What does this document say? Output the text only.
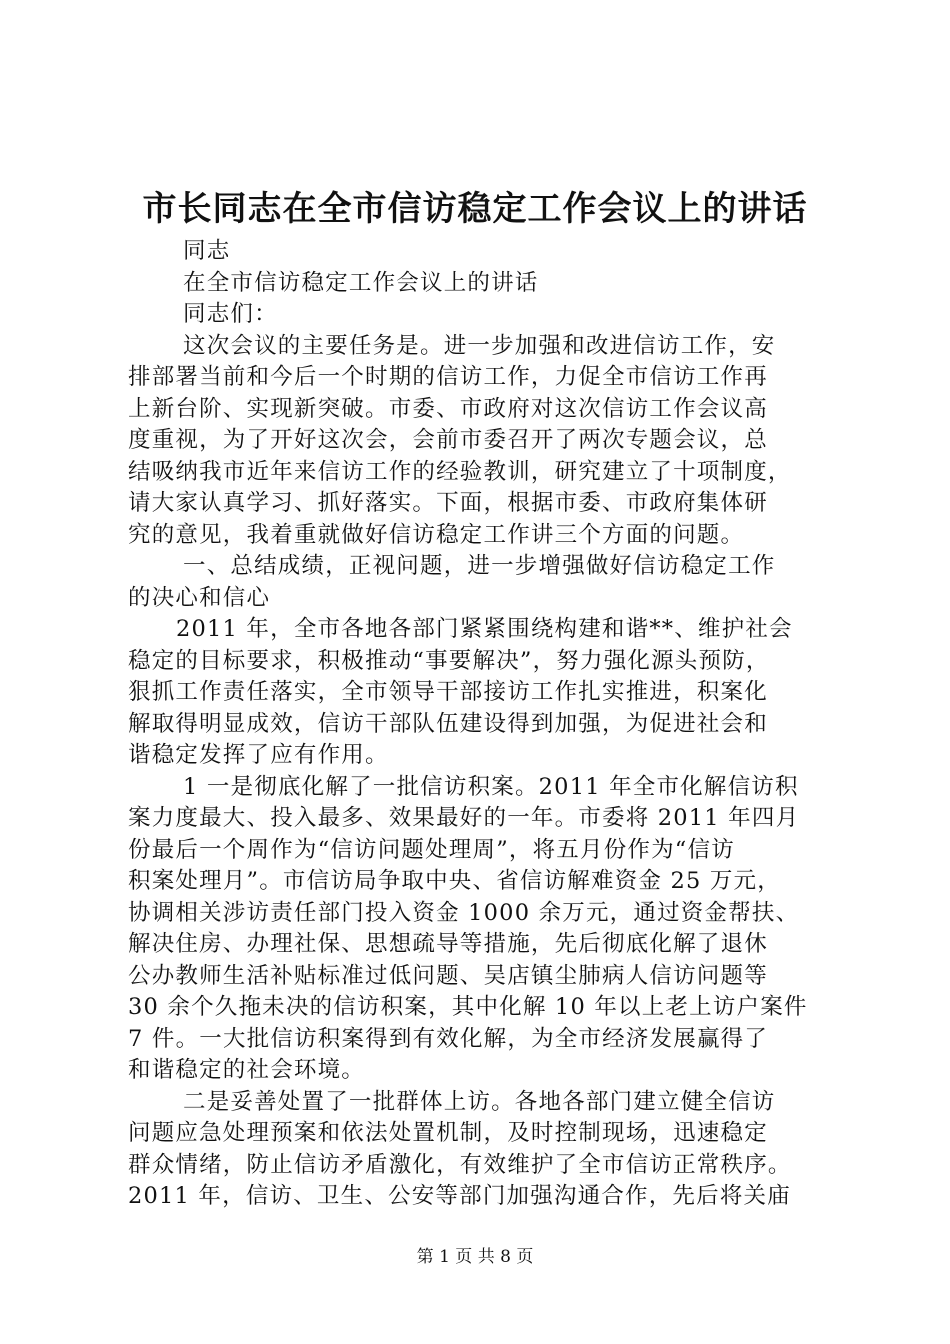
市长同志在全市信访稳定工作会议上的讲话
同志
在全市信访稳定工作会议上的讲话
同志们：
这次会议的主要任务是。进一步加强和改进信访工作，安
排部署当前和今后一个时期的信访工作，力促全市信访工作再
上新台阶、实现新突破。市委、市政府对这次信访工作会议高
度重视，为了开好这次会，会前市委召开了两次专题会议，总
结吸纳我市近年来信访工作的经验教训，研究建立了十项制度，
请大家认真学习、抓好落实。下面，根据市委、市政府集体研
究的意见，我着重就做好信访稳定工作讲三个方面的问题。
一、总结成绩，正视问题，进一步增强做好信访稳定工作
的决心和信心
2011 年，全市各地各部门紧紧围绕构建和谐**、维护社会
稳定的目标要求，积极推动“事要解决”，努力强化源头预防，
狠抓工作责任落实，全市领导干部接访工作扎实推进，积案化
解取得明显成效，信访干部队伍建设得到加强，为促进社会和
谐稳定发挥了应有作用。
1 一是彻底化解了一批信访积案。2011 年全市化解信访积
案力度最大、投入最多、效果最好的一年。市委将 2011 年四月
份最后一个周作为“信访问题处理周”，将五月份作为“信访
积案处理月”。市信访局争取中央、省信访解难资金 25 万元，
协调相关涉访责任部门投入资金 1000 余万元，通过资金帮扶、
解决住房、办理社保、思想疏导等措施，先后彻底化解了退休
公办教师生活补贴标准过低问题、吴店镇尘肺病人信访问题等
30 余个久拖未决的信访积案，其中化解 10 年以上老上访户案件
7 件。一大批信访积案得到有效化解，为全市经济发展赢得了
和谐稳定的社会环境。
二是妥善处置了一批群体上访。各地各部门建立健全信访
问题应急处理预案和依法处置机制，及时控制现场，迅速稳定
群众情绪，防止信访矛盾激化，有效维护了全市信访正常秩序。
2011 年，信访、卫生、公安等部门加强沟通合作，先后将关庙
第 1 页 共 8 页
